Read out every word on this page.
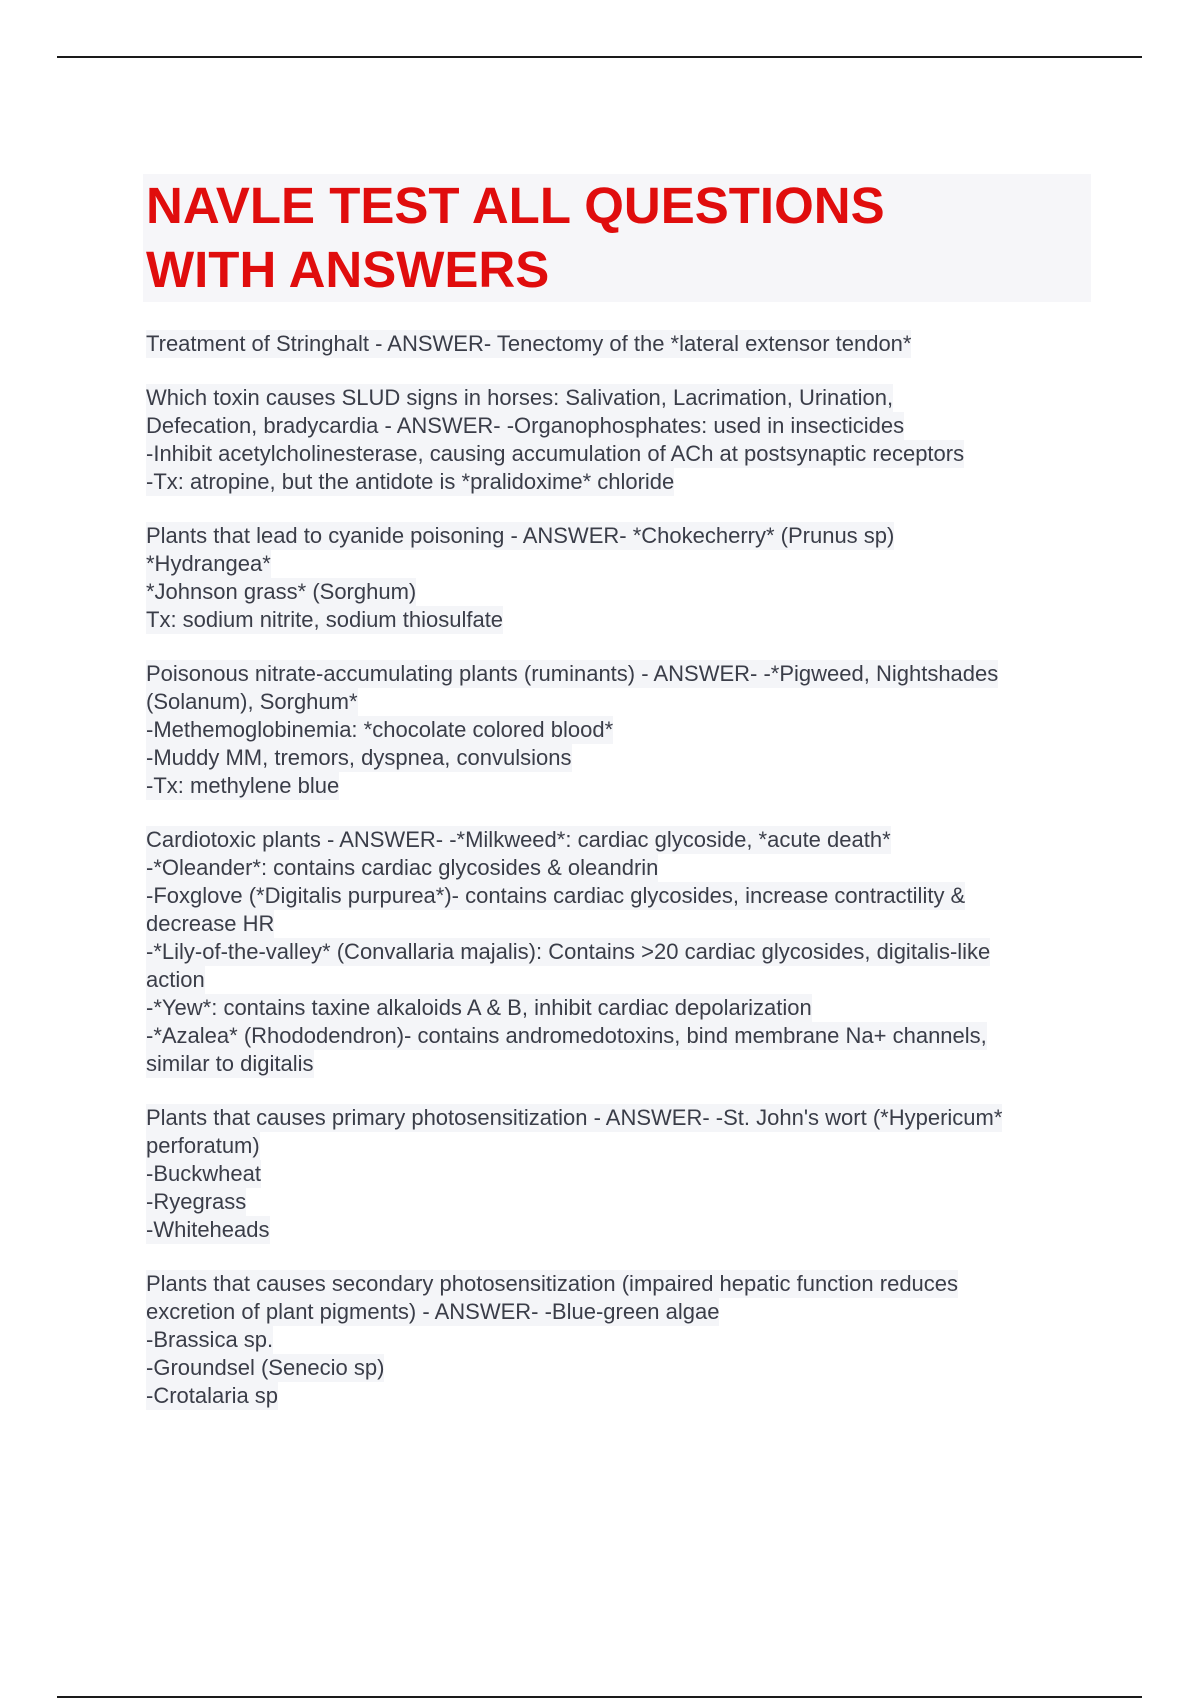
NAVLE TEST ALL QUESTIONS
WITH ANSWERS
Treatment of Stringhalt - ANSWER- Tenectomy of the *lateral extensor tendon*
Which toxin causes SLUD signs in horses: Salivation, Lacrimation, Urination,
Defecation, bradycardia - ANSWER- -Organophosphates: used in insecticides
-Inhibit acetylcholinesterase, causing accumulation of ACh at postsynaptic receptors
-Tx: atropine, but the antidote is *pralidoxime* chloride
Plants that lead to cyanide poisoning - ANSWER- *Chokecherry* (Prunus sp)
*Hydrangea*
*Johnson grass* (Sorghum)
Tx: sodium nitrite, sodium thiosulfate
Poisonous nitrate-accumulating plants (ruminants) - ANSWER- -*Pigweed, Nightshades
(Solanum), Sorghum*
-Methemoglobinemia: *chocolate colored blood*
-Muddy MM, tremors, dyspnea, convulsions
-Tx: methylene blue
Cardiotoxic plants - ANSWER- -*Milkweed*: cardiac glycoside, *acute death*
-*Oleander*: contains cardiac glycosides & oleandrin
-Foxglove (*Digitalis purpurea*)- contains cardiac glycosides, increase contractility &
decrease HR
-*Lily-of-the-valley* (Convallaria majalis): Contains >20 cardiac glycosides, digitalis-like
action
-*Yew*: contains taxine alkaloids A & B, inhibit cardiac depolarization
-*Azalea* (Rhododendron)- contains andromedotoxins, bind membrane Na+ channels,
similar to digitalis
Plants that causes primary photosensitization - ANSWER- -St. John's wort (*Hypericum*
perforatum)
-Buckwheat
-Ryegrass
-Whiteheads
Plants that causes secondary photosensitization (impaired hepatic function reduces
excretion of plant pigments) - ANSWER- -Blue-green algae
-Brassica sp.
-Groundsel (Senecio sp)
-Crotalaria sp
